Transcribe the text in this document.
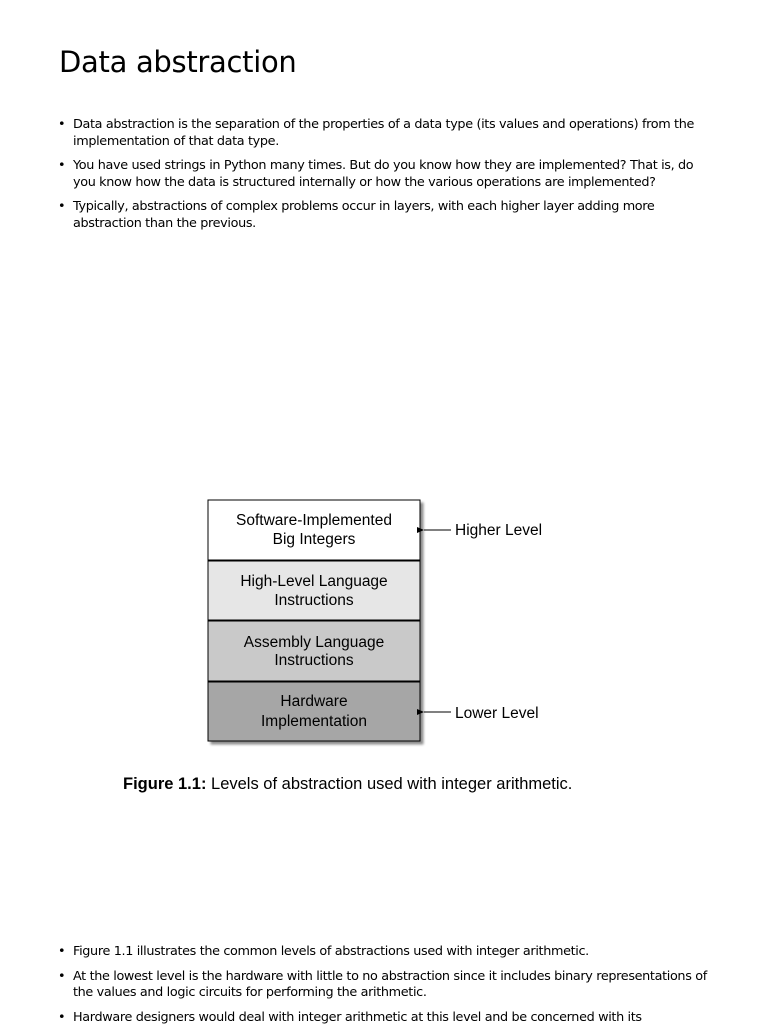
Data abstraction
• Data abstraction is the separation of the properties of a data type (its values and operations) from the implementation of that data type.
• You have used strings in Python many times. But do you know how they are implemented? That is, do you know how the data is structured internally or how the various operations are implemented?
• Typically, abstractions of complex problems occur in layers, with each higher layer adding more abstraction than the previous.
Software-Implemented
Big Integers
High-Level Language
Instructions
Assembly Language
Instructions
Hardware
Implementation
Higher Level
Lower Level

Figure 1.1: Levels of abstraction used with integer arithmetic.

• Figure 1.1 illustrates the common levels of abstractions used with integer arithmetic.
• At the lowest level is the hardware with little to no abstraction since it includes binary representations of the values and logic circuits for performing the arithmetic.
• Hardware designers would deal with integer arithmetic at this level and be concerned with its
